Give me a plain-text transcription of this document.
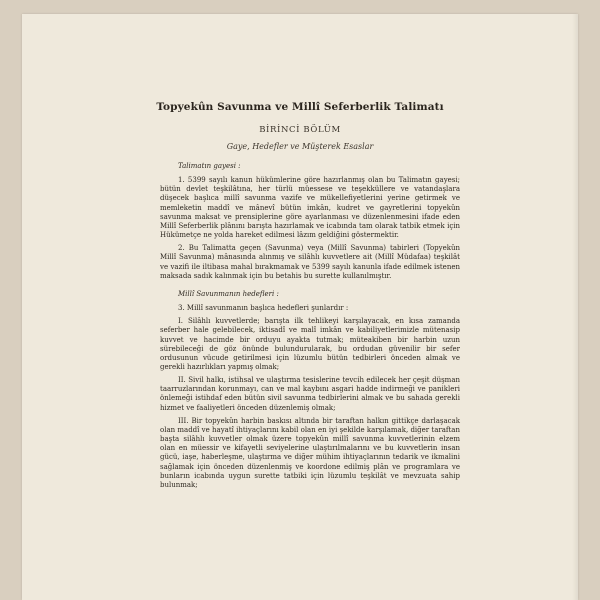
Topyekûn Savunma ve Millî Seferberlik Talimatı
BİRİNCİ BÖLÜM
Gaye, Hedefler ve Müşterek Esaslar

Talimatın gayesi :

1. 5399 sayılı kanun hükümlerine göre hazırlanmış olan bu Talimatın gayesi; bütün devlet teşkilâtına, her türlü müessese ve teşekküllere ve vatandaşlara düşecek başlıca millî savunma vazife ve mükellefiyetlerini yerine getirmek ve memleketin maddî ve mânevî bütün imkân, kudret ve gayretlerini topyekûn savunma maksat ve prensiplerine göre ayarlanması ve düzenlenmesini ifade eden Millî Seferberlik plânını barışta hazırlamak ve icabında tam olarak tatbik etmek için Hükümetçe ne yolda hareket edilmesi lâzım geldiğini göstermektir.

2. Bu Talimatta geçen (Savunma) veya (Millî Savunma) tabirleri (Topyekûn Millî Savunma) mânasında alınmış ve silâhlı kuvvetlere ait (Millî Müdafaa) teşkilât ve vazifi ile iltibasa mahal bırakmamak ve 5399 sayılı kanunla ifade edilmek istenen maksada sadık kalınmak için bu betahis bu surette kullanılmıştır.

Millî Savunmanın hedefleri :

3. Millî savunmanın başlıca hedefleri şunlardır :

I. Silâhlı kuvvetlerde; barışta ilk tehlikeyi karşılayacak, en kısa zamanda seferber hale gelebilecek, iktisadî ve malî imkân ve kabiliyetlerimizle mütenasip kuvvet ve hacimde bir orduyu ayakta tutmak; müteakiben bir harbin uzun sürebileceği de göz önünde bulundurularak, bu ordudan güvenilir bir sefer ordusunun vücude getirilmesi için lüzumlu bütün tedbirleri önceden almak ve gerekli hazırlıkları yapmış olmak;

II. Sivil halkı, istihsal ve ulaştırma tesislerine tevcih edilecek her çeşit düşman taarruzlarından korunmayı, can ve mal kaybını asgari hadde indirmeği ve panikleri önlemeği istihdaf eden bütün sivil savunma tedbirlerini almak ve bu sahada gerekli hizmet ve faaliyetleri önceden düzenlemiş olmak;

III. Bir topyekûn harbin baskısı altında bir taraftan halkın gittikçe darlaşacak olan maddî ve hayatî ihtiyaçlarını kabil olan en iyi şekilde karşılamak, diğer taraftan başta silâhlı kuvvetler olmak üzere topyekûn millî savunma kuvvetlerinin elzem olan en müessir ve kifayetli seviyelerine ulaştırılmalarını ve bu kuvvetlerin insan gücü, iaşe, haberleşme, ulaştırma ve diğer mühim ihtiyaçlarının tedarik ve ikmalini sağlamak için önceden düzenlenmiş ve koordone edilmiş plân ve programlara ve bunların icabında uygun surette tatbiki için lüzumlu teşkilât ve mevzuata sahip bulunmak;
